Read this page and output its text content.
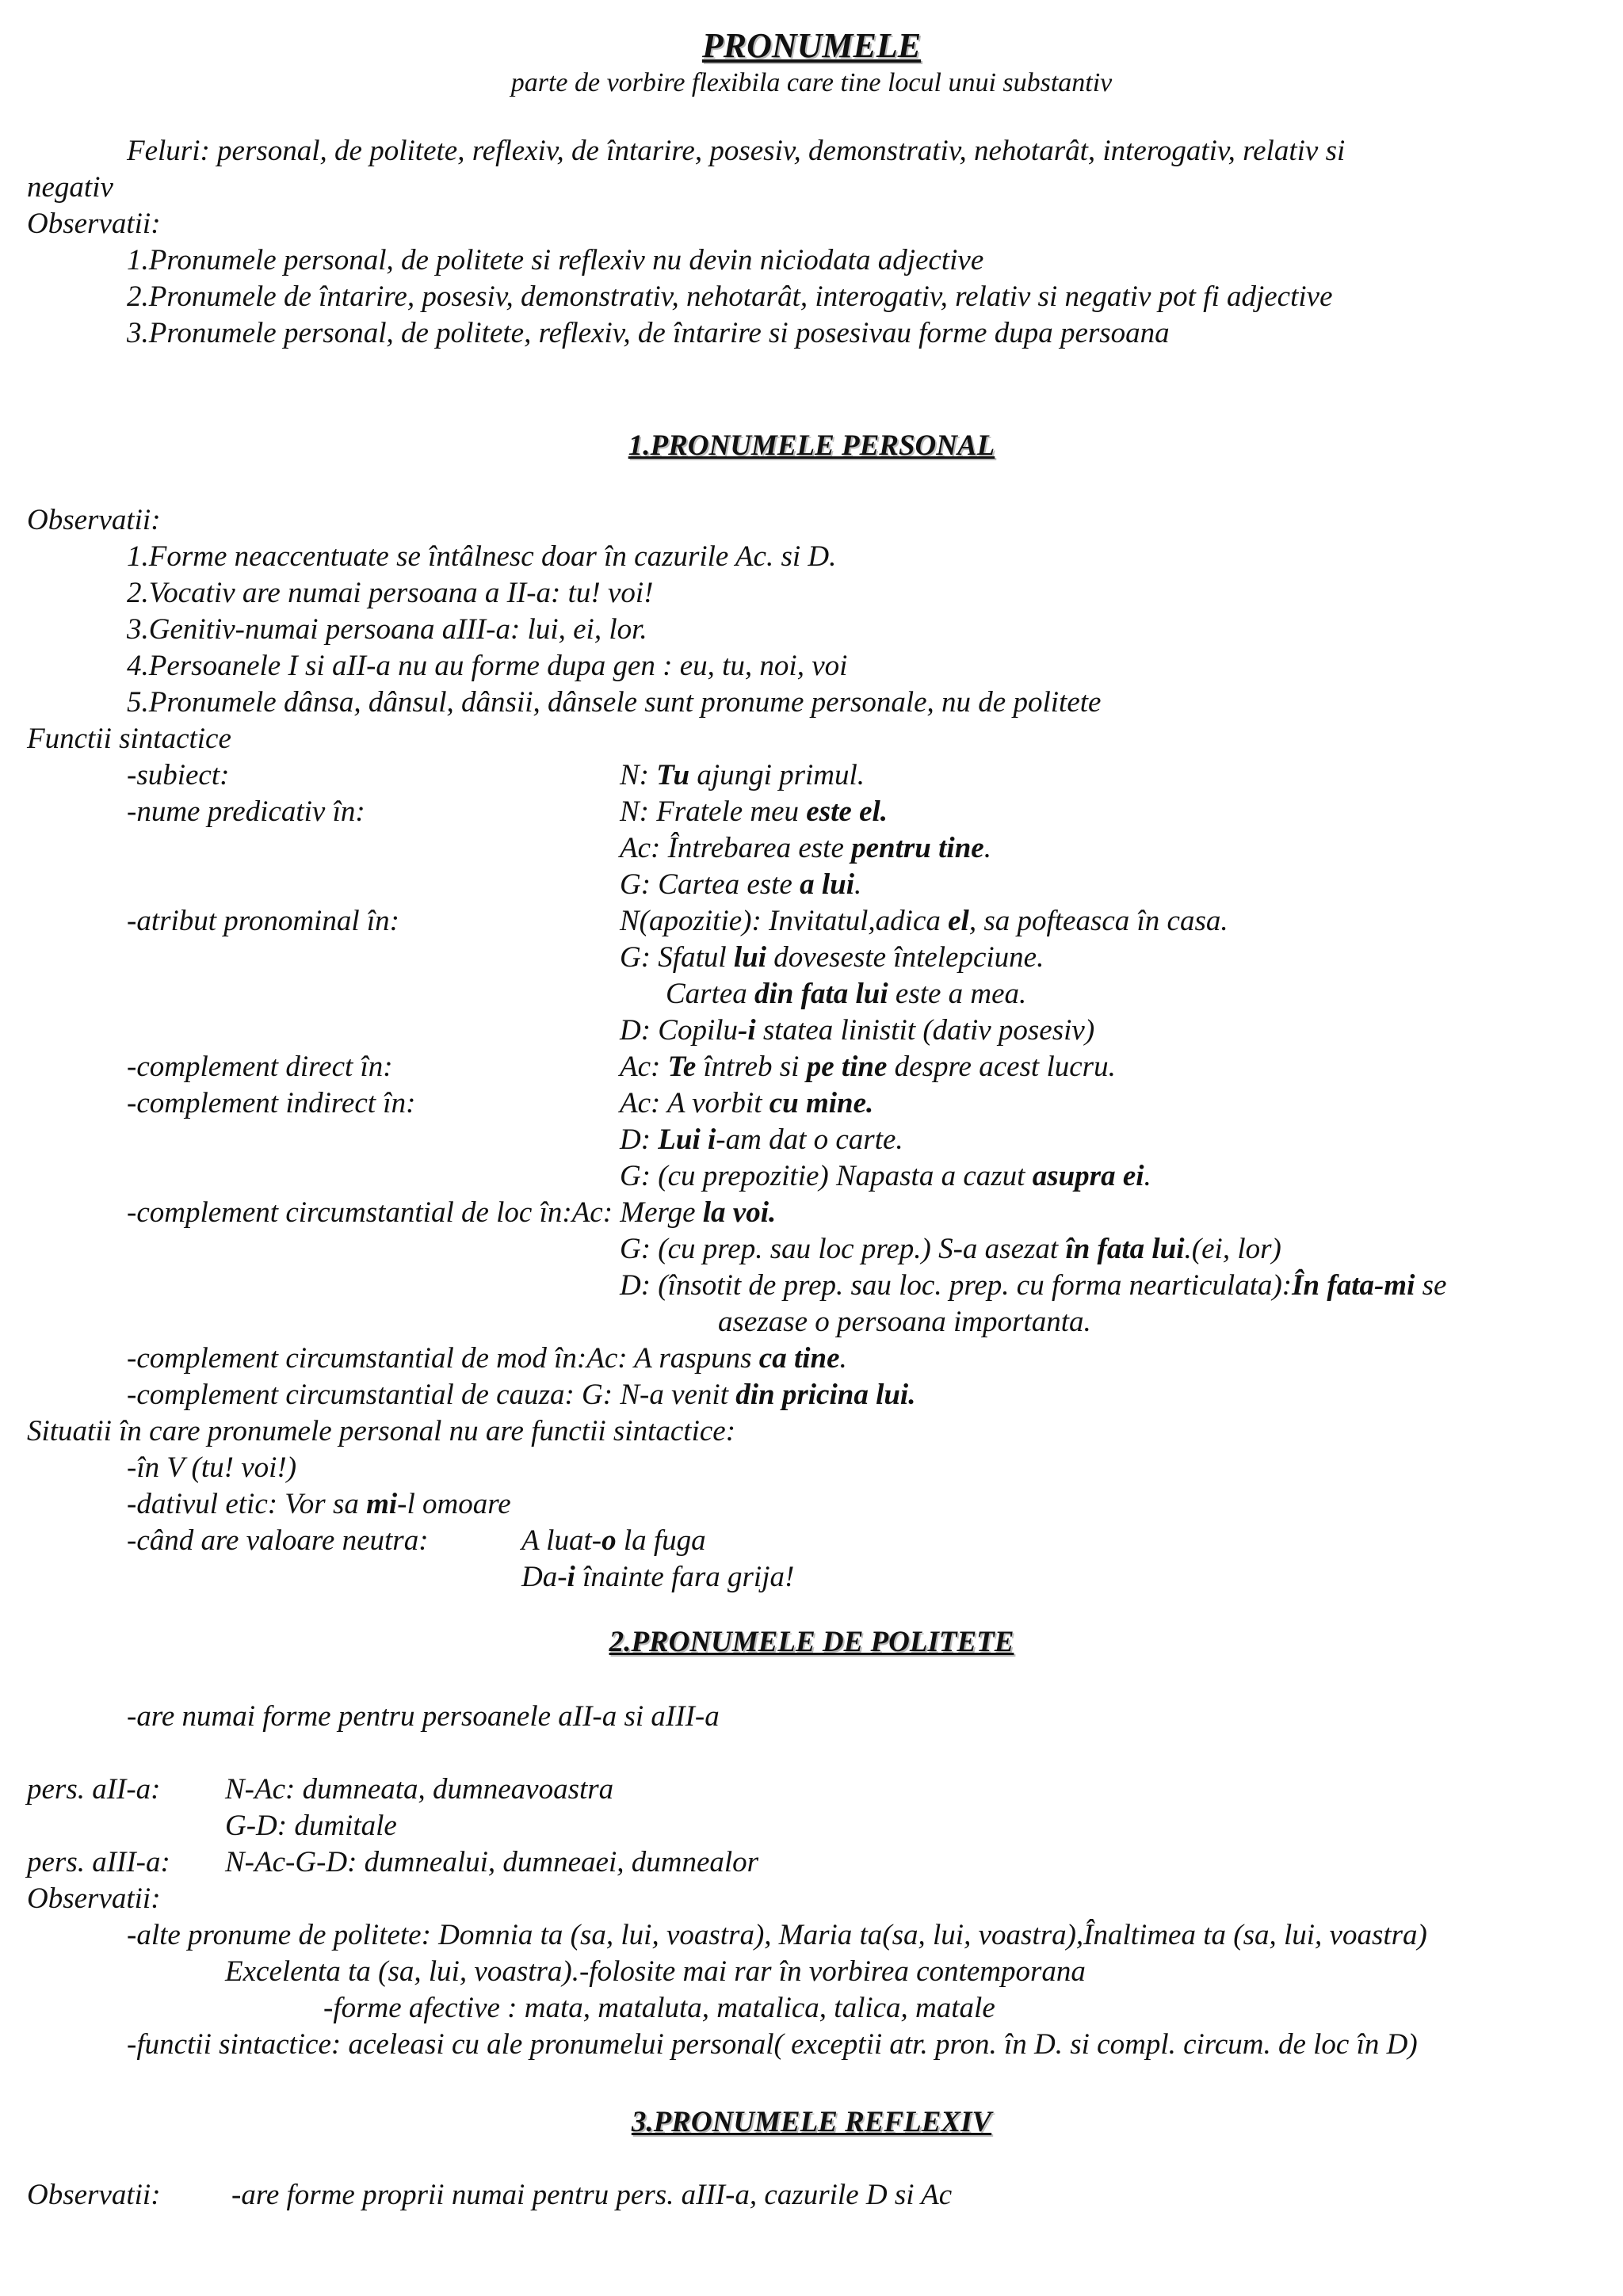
PRONUMELE
parte de vorbire flexibila care tine locul unui substantiv
Feluri: personal, de politete, reflexiv, de întarire, posesiv, demonstrativ, nehotarât, interogativ, relativ si
negativ
Observatii:
1.Pronumele personal, de politete si reflexiv nu devin niciodata adjective
2.Pronumele de întarire, posesiv, demonstrativ, nehotarât, interogativ, relativ si negativ pot fi adjective
3.Pronumele personal, de politete, reflexiv, de întarire si posesivau forme dupa persoana
1.PRONUMELE PERSONAL
Observatii:
1.Forme neaccentuate se întâlnesc doar în cazurile Ac. si D.
2.Vocativ are numai persoana a II-a: tu! voi!
3.Genitiv-numai persoana aIII-a: lui, ei, lor.
4.Persoanele I si aII-a nu au forme dupa gen : eu, tu, noi, voi
5.Pronumele dânsa, dânsul, dânsii, dânsele sunt pronume personale, nu de politete
Functii sintactice
-subiect:	N: Tu ajungi primul.
-nume predicativ în:	N: Fratele meu este el.
Ac: Întrebarea este pentru tine.
G: Cartea este a lui.
-atribut pronominal în:	N(apozitie): Invitatul,adica el, sa pofteasca în casa.
G: Sfatul lui doveseste întelepciune.
Cartea din fata lui este a mea.
D: Copilu-i statea linistit (dativ posesiv)
-complement direct în:	Ac: Te întreb si pe tine despre acest lucru.
-complement indirect în:	Ac: A vorbit cu mine.
D: Lui i-am dat o carte.
G: (cu prepozitie) Napasta a cazut asupra ei.
-complement circumstantial de loc în:Ac: Merge la voi.
G: (cu prep. sau loc prep.) S-a asezat în fata lui.(ei, lor)
D: (însotit de prep. sau loc. prep. cu forma nearticulata):În fata-mi se
asezase o persoana importanta.
-complement circumstantial de mod în:Ac: A raspuns ca tine.
-complement circumstantial de cauza: G: N-a venit din pricina lui.
Situatii în care pronumele personal nu are functii sintactice:
-în V (tu! voi!)
-dativul etic: Vor sa mi-l omoare
-când are valoare neutra:	A luat-o la fuga
Da-i înainte fara grija!
2.PRONUMELE DE POLITETE
-are numai forme pentru persoanele aII-a si aIII-a
pers. aII-a: N-Ac: dumneata, dumneavoastra
G-D: dumitale
pers. aIII-a: N-Ac-G-D: dumnealui, dumneaei, dumnealor
Observatii:
-alte pronume de politete: Domnia ta (sa, lui, voastra), Maria ta(sa, lui, voastra),Înaltimea ta (sa, lui, voastra)
Excelenta ta (sa, lui, voastra).-folosite mai rar în vorbirea contemporana
-forme afective : mata, mataluta, matalica, talica, matale
-functii sintactice: aceleasi cu ale pronumelui personal( exceptii atr. pron. în D. si compl. circum. de loc în D)
3.PRONUMELE REFLEXIV
Observatii: -are forme proprii numai pentru pers. aIII-a, cazurile D si Ac
